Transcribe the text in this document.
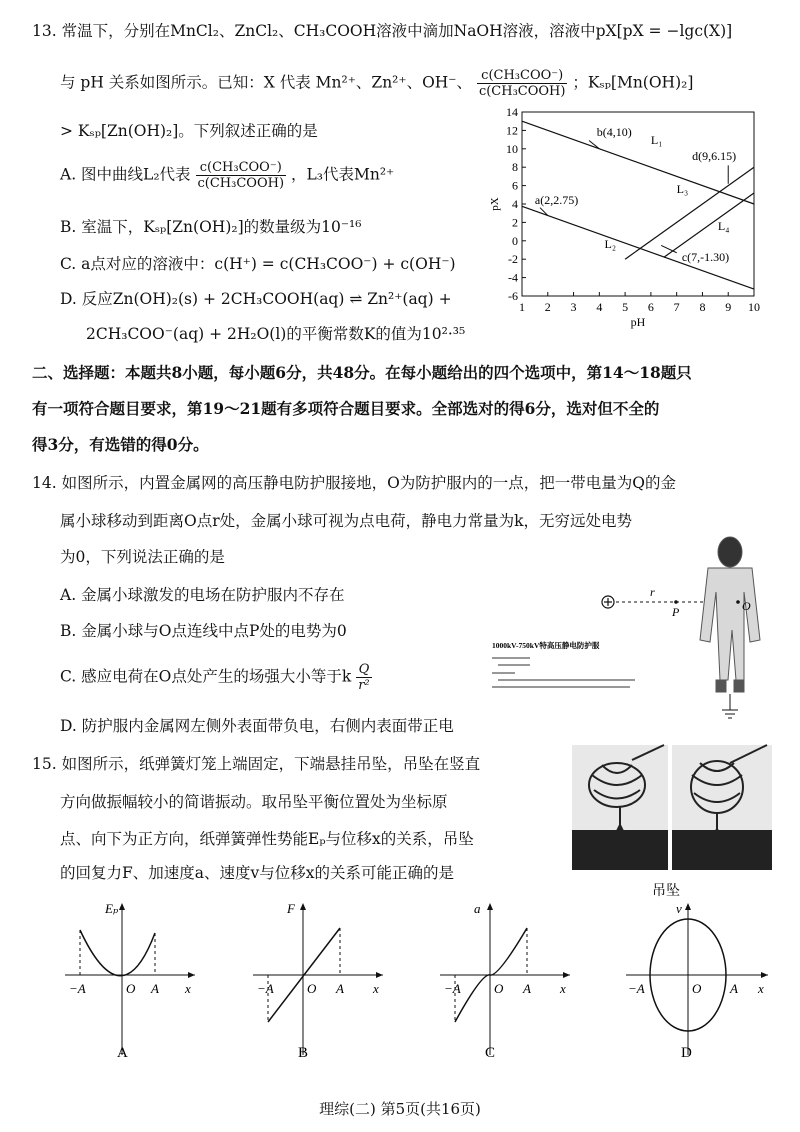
13. 常温下，分别在MnCl₂、ZnCl₂、CH₃COOH溶液中滴加NaOH溶液，溶液中pX[pX = −lgc(X)]
与 pH 关系如图所示。已知：X 代表 Mn²⁺、Zn²⁺、OH⁻、 $\frac{\text{c(CH₃COO⁻)}}{\text{c(CH₃COOH)}}$ ；Kₛₚ[Mn(OH)₂]
> Kₛₚ[Zn(OH)₂]。下列叙述正确的是
A. 图中曲线L₂代表 $\frac{\text{c(CH₃COO⁻)}}{\text{c(CH₃COOH)}}$ ，L₃代表Mn²⁺
B. 室温下，Kₛₚ[Zn(OH)₂]的数量级为10⁻¹⁶
C. a点对应的溶液中：c(H⁺) = c(CH₃COO⁻) + c(OH⁻)
D. 反应Zn(OH)₂(s) + 2CH₃COOH(aq) ⇌ Zn²⁺(aq) +
2CH₃COO⁻(aq) + 2H₂O(l)的平衡常数K的值为10²·³⁵
1 2 3 4 5 6 7 8 9 10
14
12
10
8
6
4
2
0
-2
-4
-6
pH
pX
L₁
L₂
L₃
L₄
b(4,10)
a(2,2.75)
d(9,6.15)
c(7,-1.30)
二、选择题：本题共8小题，每小题6分，共48分。在每小题给出的四个选项中，第14～18题只
有一项符合题目要求，第19～21题有多项符合题目要求。全部选对的得6分，选对但不全的
得3分，有选错的得0分。
14. 如图所示，内置金属网的高压静电防护服接地，O为防护服内的一点，把一带电量为Q的金
属小球移动到距离O点r处，金属小球可视为点电荷，静电力常量为k，无穷远处电势
为0，下列说法正确的是
A. 金属小球激发的电场在防护服内不存在
B. 金属小球与O点连线中点P处的电势为0
C. 感应电荷在O点处产生的场强大小等于k $\frac{Q}{\text{r²}}$
D. 防护服内金属网左侧外表面带负电，右侧内表面带正电
r
P	O
1000kV-750kV特高压静电防护服
15. 如图所示，纸弹簧灯笼上端固定，下端悬挂吊坠，吊坠在竖直
方向做振幅较小的简谐振动。取吊坠平衡位置处为坐标原
点、向下为正方向，纸弹簧弹性势能Eₚ与位移x的关系，吊坠
的回复力F、加速度a、速度v与位移x的关系可能正确的是
吊坠
Eₚ
x
−A	O A
A
F
x
−A	O A
B
a
x
−A	O A
C
v
x
−A	O A
D
理综(二) 第5页(共16页)
